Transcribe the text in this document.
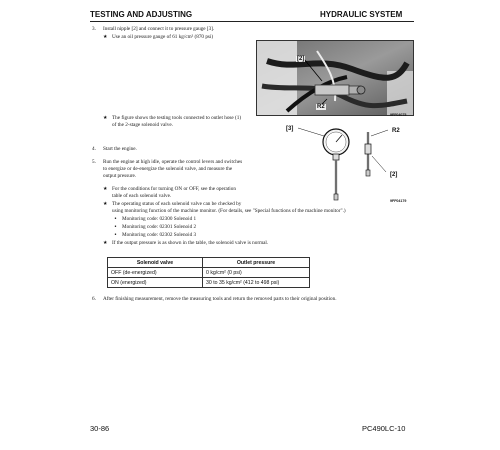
TESTING AND ADJUSTING	HYDRAULIC SYSTEM
3. Install nipple [2] and connect it to pressure gauge [3].
★ Use an oil pressure gauge of 61 kg/cm² (870 psi)
[2]
R2
9FF04075
★ The figure shows the testing tools connected to outlet hose (1)
of the 2-stage solenoid valve.
[3]	R2
[2]
9FF04179
4. Start the engine.
5. Run the engine at high idle, operate the control levers and switches
to energize or de-energize the solenoid valve, and measure the
output pressure.
★ For the conditions for turning ON or OFF, see the operation
table of each solenoid valve.
★ The operating status of each solenoid valve can be checked by
using monitoring function of the machine monitor. (For details, see "Special functions of the machine monitor".)
• Monitoring code: 02300 Solenoid 1
• Monitoring code: 02301 Solenoid 2
• Monitoring code: 02302 Solenoid 3
★ If the output pressure is as shown in the table, the solenoid valve is normal.
Solenoid valve	Outlet pressure
OFF (de-energized)	0 kg/cm² (0 psi)
ON (energized)	30 to 35 kg/cm² (412 to 498 psi)
6. After finishing measurement, remove the measuring tools and return the removed parts to their original position.
30-86	PC490LC-10
